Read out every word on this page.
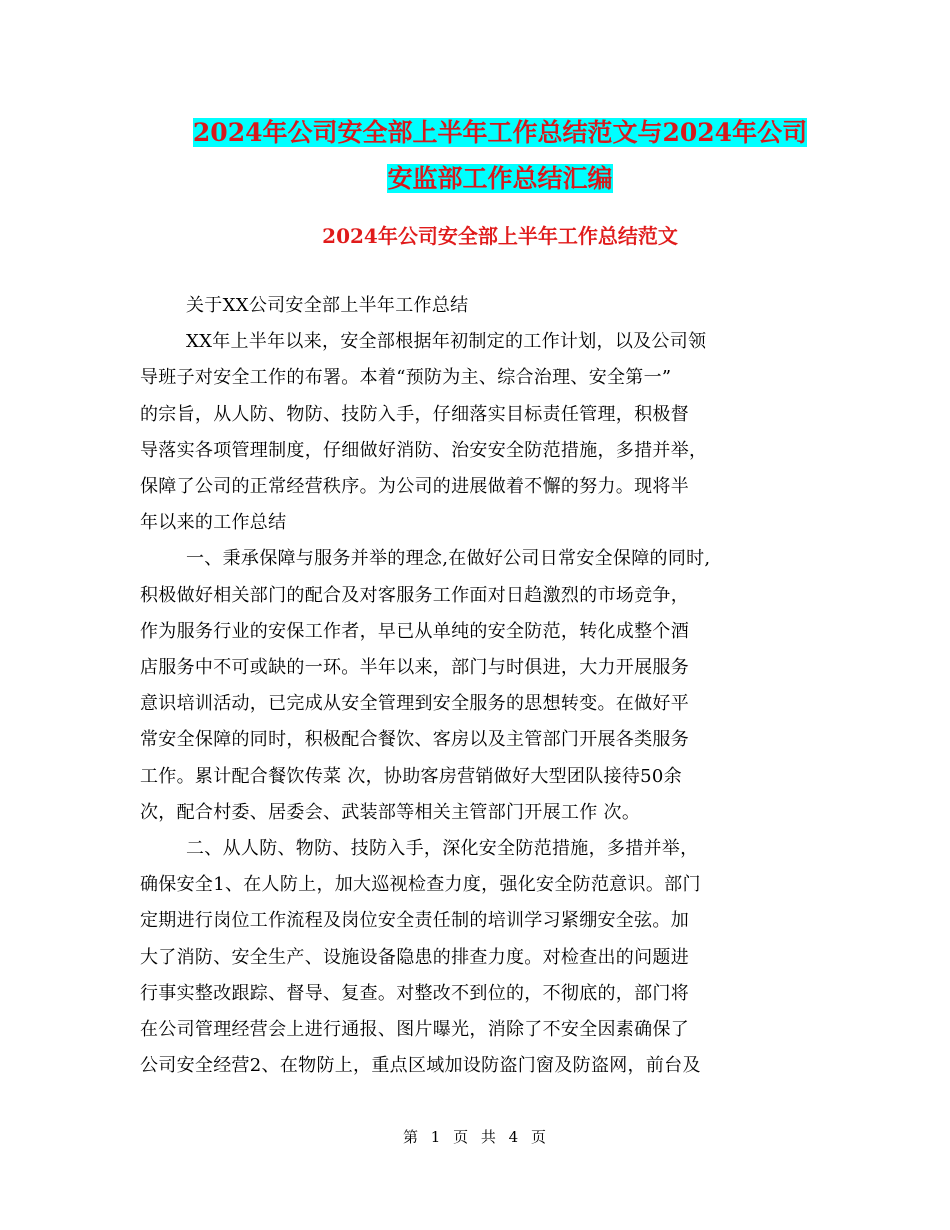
2024年公司安全部上半年工作总结范文与2024年公司
安监部工作总结汇编
2024年公司安全部上半年工作总结范文

关于XX公司安全部上半年工作总结

XX年上半年以来，安全部根据年初制定的工作计划，以及公司领

导班子对安全工作的布署。本着“预防为主、综合治理、安全第一”

的宗旨，从人防、物防、技防入手，仔细落实目标责任管理，积极督

导落实各项管理制度，仔细做好消防、治安安全防范措施，多措并举，

保障了公司的正常经营秩序。为公司的进展做着不懈的努力。现将半

年以来的工作总结

一、秉承保障与服务并举的理念,在做好公司日常安全保障的同时,

积极做好相关部门的配合及对客服务工作面对日趋激烈的市场竞争，

作为服务行业的安保工作者，早已从单纯的安全防范，转化成整个酒

店服务中不可或缺的一环。半年以来，部门与时俱进，大力开展服务

意识培训活动，已完成从安全管理到安全服务的思想转变。在做好平

常安全保障的同时，积极配合餐饮、客房以及主管部门开展各类服务

工作。累计配合餐饮传菜 次，协助客房营销做好大型团队接待50余

次，配合村委、居委会、武装部等相关主管部门开展工作 次。

二、从人防、物防、技防入手，深化安全防范措施，多措并举，

确保安全1、在人防上，加大巡视检查力度，强化安全防范意识。部门

定期进行岗位工作流程及岗位安全责任制的培训学习紧绷安全弦。加

大了消防、安全生产、设施设备隐患的排查力度。对检查出的问题进

行事实整改跟踪、督导、复查。对整改不到位的，不彻底的，部门将

在公司管理经营会上进行通报、图片曝光，消除了不安全因素确保了

公司安全经营2、在物防上，重点区域加设防盗门窗及防盗网，前台及

第 1 页 共 4 页
